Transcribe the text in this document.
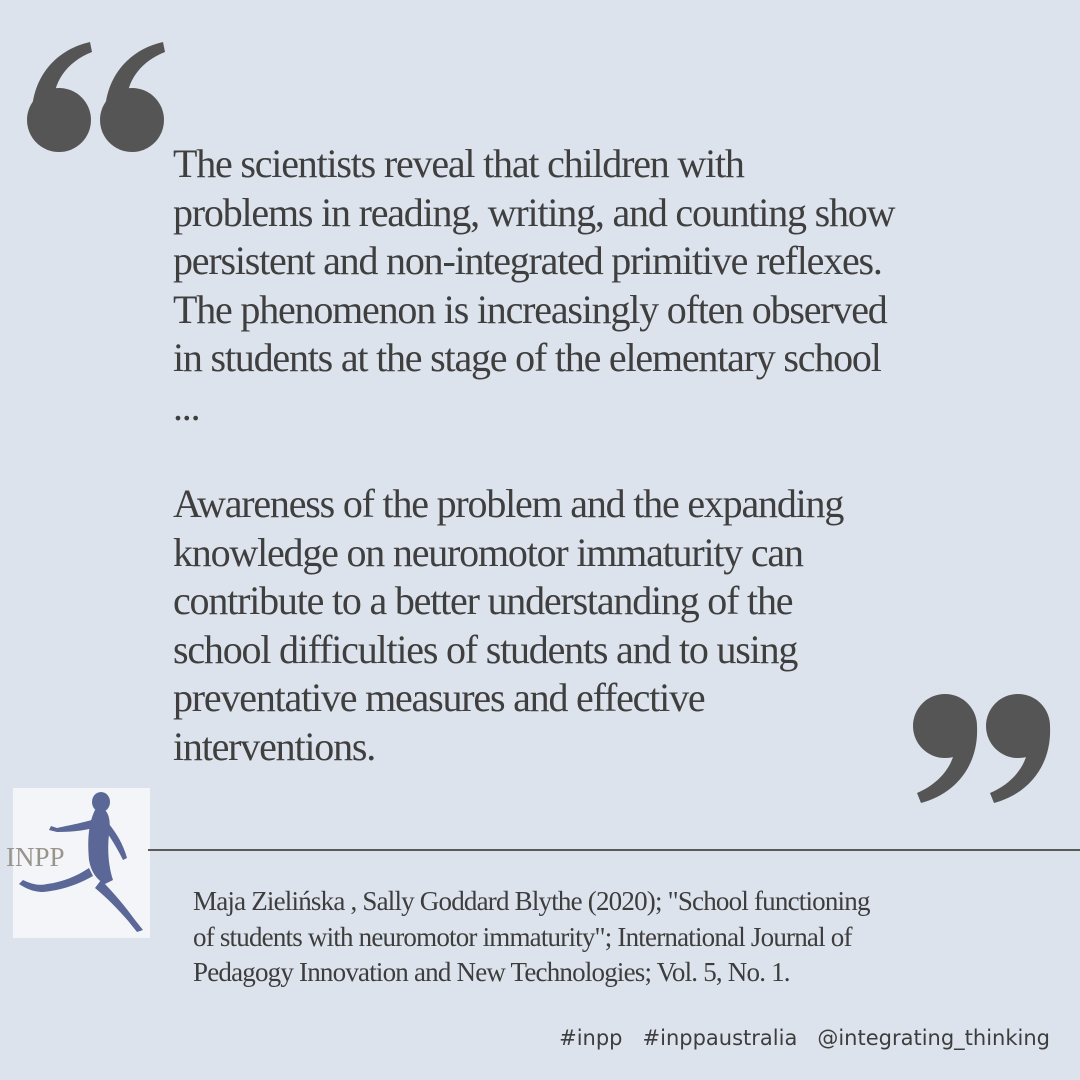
The scientists reveal that children with
problems in reading, writing, and counting show
persistent and non-integrated primitive reflexes.
The phenomenon is increasingly often observed
in students at the stage of the elementary school
...

Awareness of the problem and the expanding
knowledge on neuromotor immaturity can
contribute to a better understanding of the
school difficulties of students and to using
preventative measures and effective
interventions.

INPP
Maja Zielińska , Sally Goddard Blythe (2020); "School functioning
of students with neuromotor immaturity"; International Journal of
Pedagogy Innovation and New Technologies; Vol. 5, No. 1.
#inpp   #inppaustralia   @integrating_thinking
